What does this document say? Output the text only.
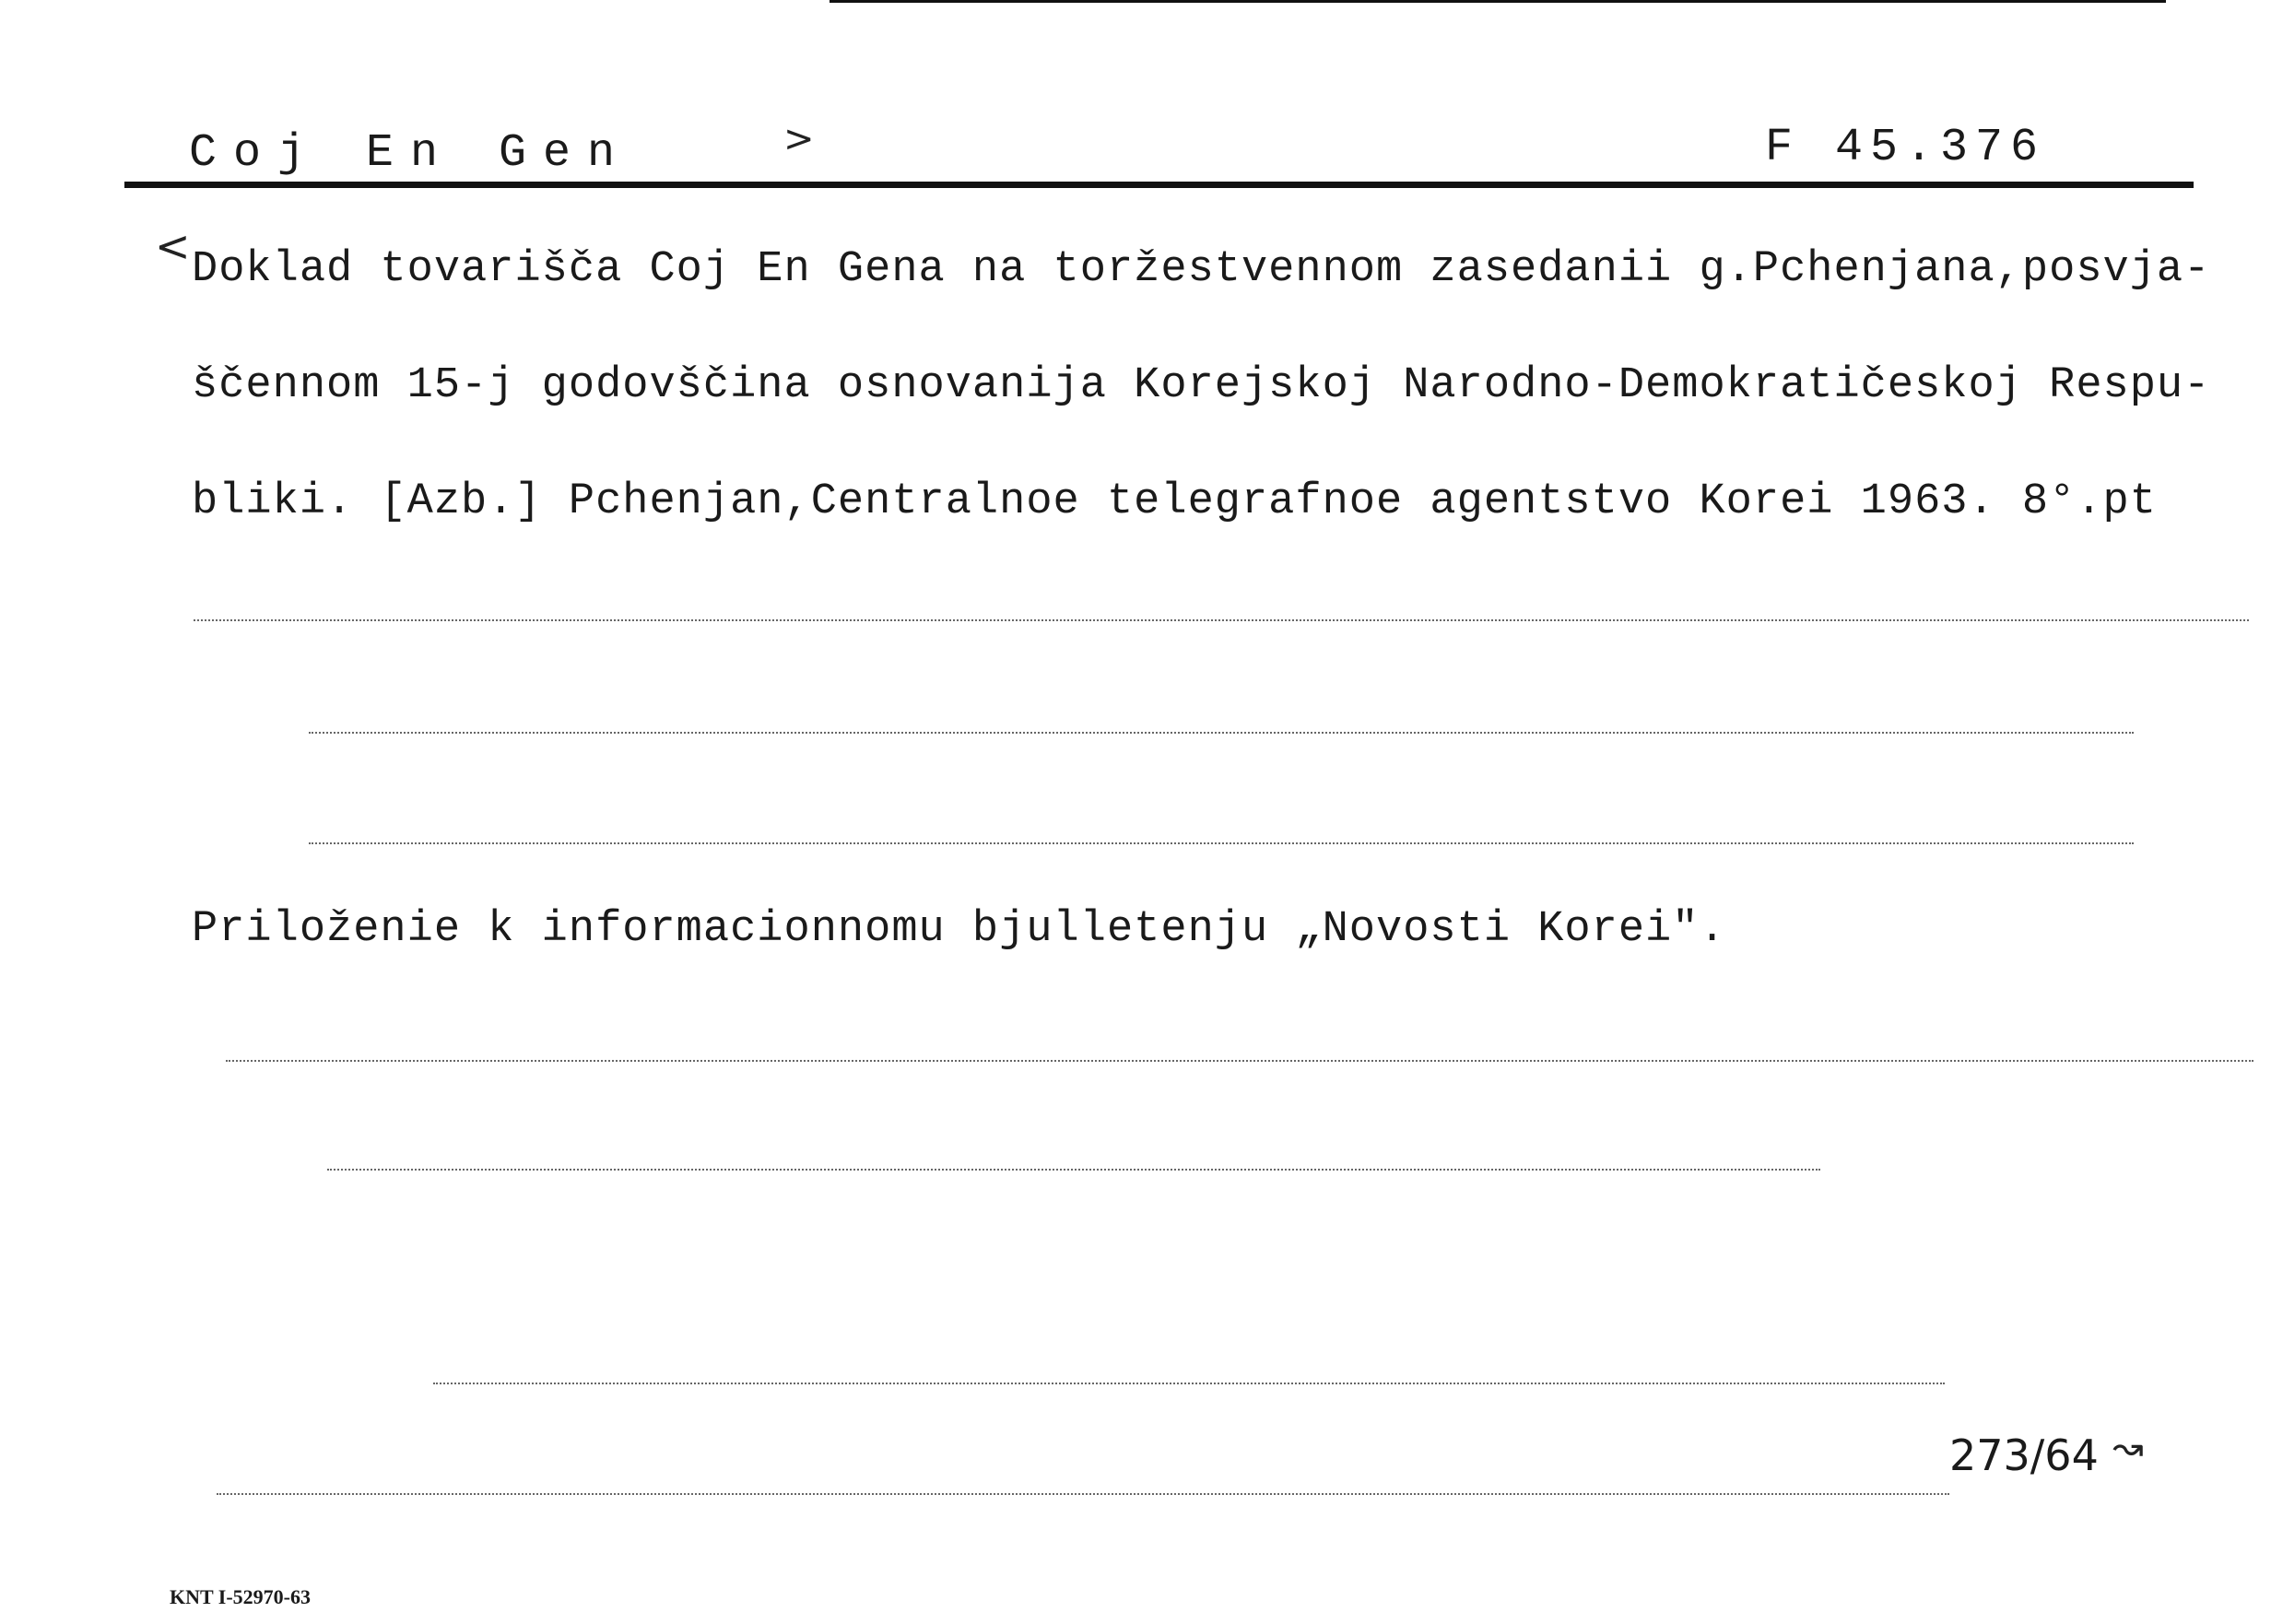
Coj En Gen	>	F 45.376
< Doklad tovarišča Coj En Gena na toržestvennom zasedanii g.Pchenjana,posvja-
ščennom 15-j godovščina osnovanija Korejskoj Narodno-Demokratičeskoj Respu-
bliki. [Azb.] Pchenjan,Centralnoe telegrafnoe agentstvo Korei 1963. 8°.pt
Priloženie k informacionnomu bjulletenju „Novosti Korei".
273/64 ↝
KNT I-52970-63
